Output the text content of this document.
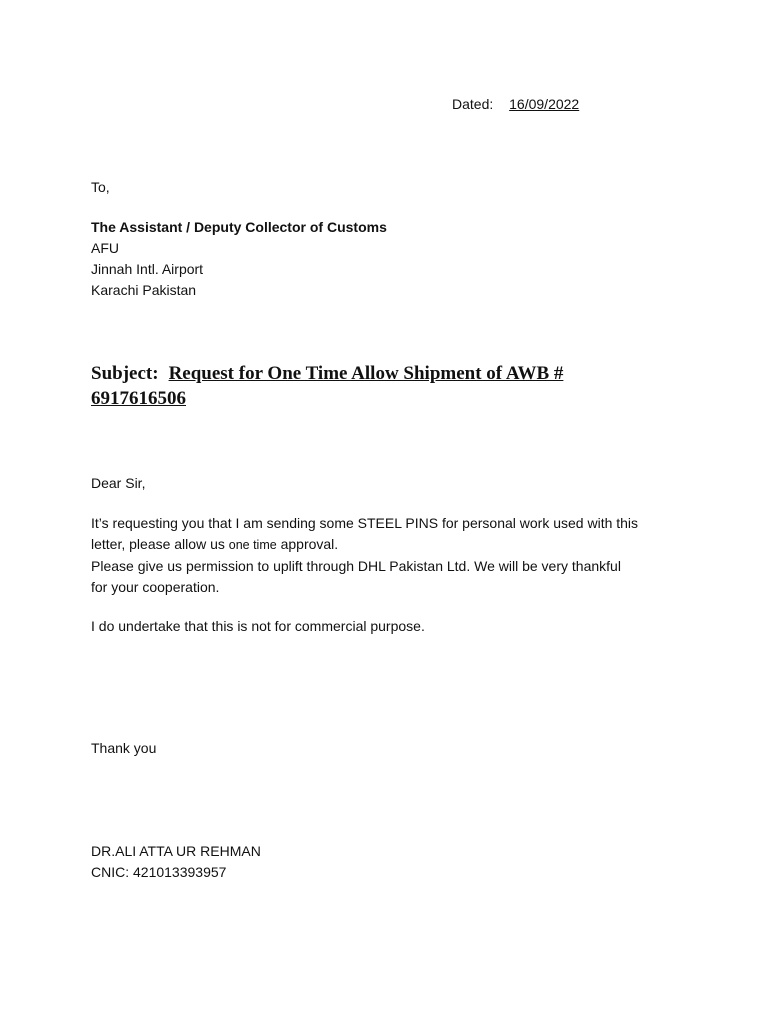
Dated: 16/09/2022
To,
The Assistant / Deputy Collector of Customs
AFU
Jinnah Intl. Airport
Karachi Pakistan
Subject: Request for One Time Allow Shipment of AWB #
6917616506
Dear Sir,
It’s requesting you that I am sending some STEEL PINS for personal work used with this
letter, please allow us one time approval.
Please give us permission to uplift through DHL Pakistan Ltd. We will be very thankful
for your cooperation.
I do undertake that this is not for commercial purpose.
Thank you
DR.ALI ATTA UR REHMAN
CNIC: 421013393957
